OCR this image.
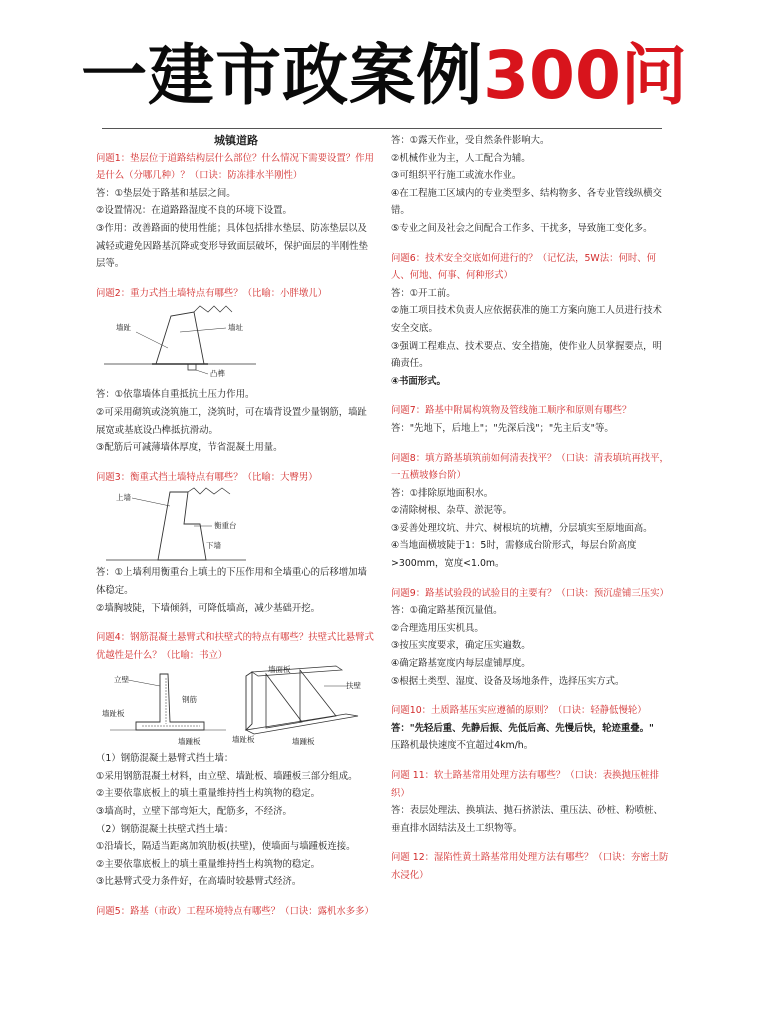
一建市政案例300问

城镇道路

问题1：垫层位于道路结构层什么部位？什么情况下需要设置？作用是什么（分哪几种）？（口诀：防冻排水半刚性）

答：①垫层处于路基和基层之间。

②设置情况：在道路路湿度不良的环境下设置。

③作用：改善路面的使用性能；具体包括排水垫层、防冻垫层以及减轻或避免因路基沉降或变形导致面层破坏，保护面层的半刚性垫层等。

问题2：重力式挡土墙特点有哪些？（比喻：小胖墩儿）

墙趾	墙址
凸榫

答：①依靠墙体自重抵抗土压力作用。

②可采用砌筑或浇筑施工，浇筑时，可在墙背设置少量钢筋，墙趾展宽或基底设凸榫抵抗滑动。

③配筋后可减薄墙体厚度，节省混凝土用量。

问题3：衡重式挡土墙特点有哪些？（比喻：大臀男）

上墙
衡重台
下墙

答：①上墙利用衡重台上填土的下压作用和全墙重心的后移增加墙体稳定。

②墙胸坡陡，下墙倾斜，可降低墙高，减少基础开挖。

问题4：钢筋混凝土悬臂式和扶壁式的特点有哪些？扶壁式比悬臂式优越性是什么？（比喻：书立）

立壁
钢筋
墙趾板
墙踵板
墙面板
扶壁
墙趾板	墙踵板

（1）钢筋混凝土悬臂式挡土墙：

①采用钢筋混凝土材料，由立壁、墙趾板、墙踵板三部分组成。

②主要依靠底板上的填土重量维持挡土构筑物的稳定。

③墙高时，立壁下部弯矩大，配筋多，不经济。

（2）钢筋混凝土扶壁式挡土墙：

①沿墙长，隔适当距离加筑肋板(扶壁)，使墙面与墙踵板连接。

②主要依靠底板上的填土重量维持挡土构筑物的稳定。

③比悬臂式受力条件好，在高墙时较悬臂式经济。

问题5：路基（市政）工程环境特点有哪些？（口诀：露机水多多）

答：①露天作业，受自然条件影响大。

②机械作业为主，人工配合为辅。

③可组织平行施工或流水作业。

④在工程施工区域内的专业类型多、结构物多、各专业管线纵横交错。

⑤专业之间及社会之间配合工作多、干扰多，导致施工变化多。

问题6：技术安全交底如何进行的？（记忆法，5W法：何时、何人、何地、何事、何种形式）

答：①开工前。

②施工项目技术负责人应依据获准的施工方案向施工人员进行技术安全交底。

③强调工程难点、技术要点、安全措施，使作业人员掌握要点，明确责任。

④书面形式。

问题7：路基中附属构筑物及管线施工顺序和原则有哪些？

答："先地下，后地上"；"先深后浅"；"先主后支"等。

问题8：填方路基填筑前如何清表找平？（口诀：清表填坑再找平，一五横坡修台阶）

答：①排除原地面积水。

②清除树根、杂草、淤泥等。

③妥善处理坟坑、井穴、树根坑的坑槽，分层填实至原地面高。

④当地面横坡陡于1：5时，需修成台阶形式，每层台阶高度>300mm，宽度<1.0m。

问题9：路基试验段的试验目的主要有？（口诀：预沉虚铺三压实）

答：①确定路基预沉量值。

②合理选用压实机具。

③按压实度要求，确定压实遍数。

④确定路基宽度内每层虚铺厚度。

⑤根据土类型、湿度、设备及场地条件，选择压实方式。

问题10：土质路基压实应遵循的原则？（口诀：轻静低慢轮）

答："先轻后重、先静后振、先低后高、先慢后快，轮迹重叠。"

压路机最快速度不宜超过4km/h。

问题 11：软土路基常用处理方法有哪些？（口诀：表换抛压桩排织）

答：表层处理法、换填法、抛石挤淤法、重压法、砂桩、粉喷桩、垂直排水固结法及土工织物等。

问题 12：湿陷性黄土路基常用处理方法有哪些？（口诀：夯密土防水浸化）
